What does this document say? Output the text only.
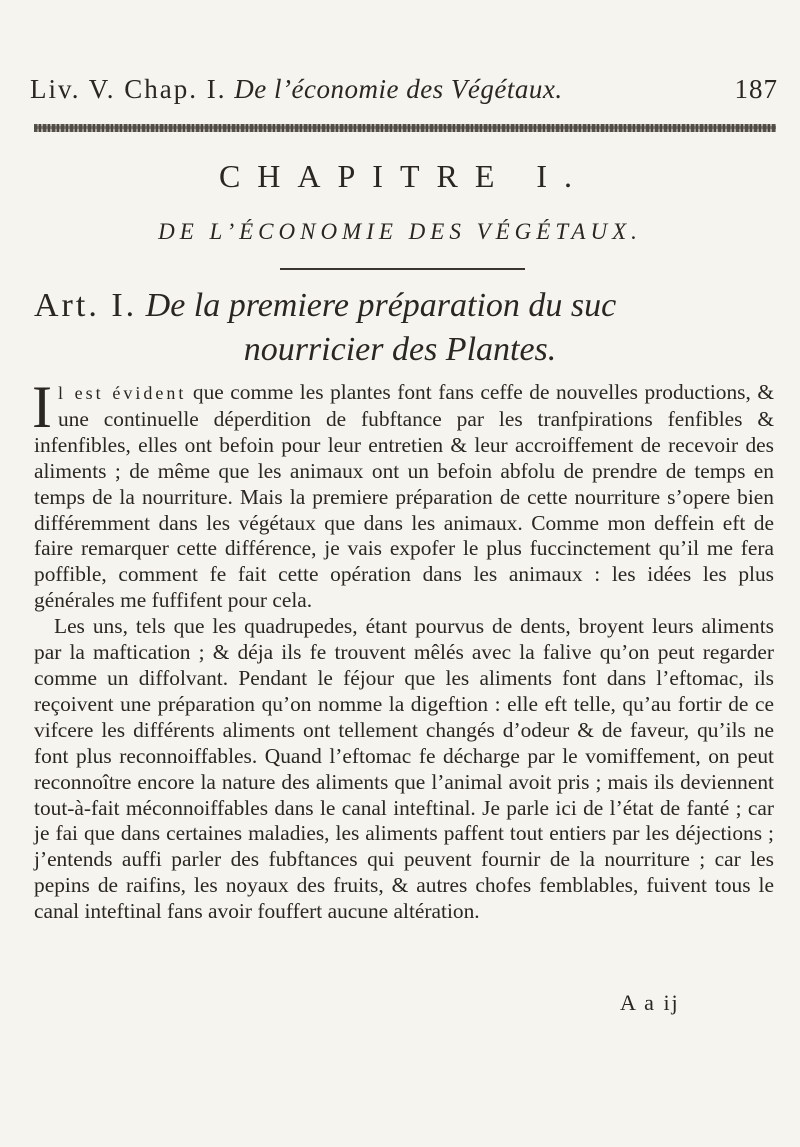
Liv. V. Chap. I. De l’économie des Végétaux.	187
CHAPITRE I.
DE L’ÉCONOMIE DES VÉGÉTAUX.
Art. I. De la premiere préparation du suc
nourricier des Plantes.

Il est évident que comme les plantes font fans ceffe de nouvelles productions, & une continuelle déperdition de fubftance par les tranfpirations fenfibles & infenfibles, elles ont befoin pour leur entretien & leur accroiffement de recevoir des aliments ; de même que les animaux ont un befoin abfolu de prendre de temps en temps de la nourriture. Mais la premiere préparation de cette nourriture s’opere bien différemment dans les végétaux que dans les animaux. Comme mon deffein eft de faire remarquer cette différence, je vais expofer le plus fuccinctement qu’il me fera poffible, comment fe fait cette opération dans les animaux : les idées les plus générales me fuffifent pour cela.

Les uns, tels que les quadrupedes, étant pourvus de dents, broyent leurs aliments par la maftication ; & déja ils fe trouvent mêlés avec la falive qu’on peut regarder comme un diffolvant. Pendant le féjour que les aliments font dans l’eftomac, ils reçoivent une préparation qu’on nomme la digeftion : elle eft telle, qu’au fortir de ce vifcere les différents aliments ont tellement changés d’odeur & de faveur, qu’ils ne font plus reconnoiffables. Quand l’eftomac fe décharge par le vomiffement, on peut reconnoître encore la nature des aliments que l’animal avoit pris ; mais ils deviennent tout-à-fait méconnoiffables dans le canal inteftinal. Je parle ici de l’état de fanté ; car je fai que dans certaines maladies, les aliments paffent tout entiers par les déjections ; j’entends auffi parler des fubftances qui peuvent fournir de la nourriture ; car les pepins de raifins, les noyaux des fruits, & autres chofes femblables, fuivent tous le canal inteftinal fans avoir fouffert aucune altération.

A a ij
